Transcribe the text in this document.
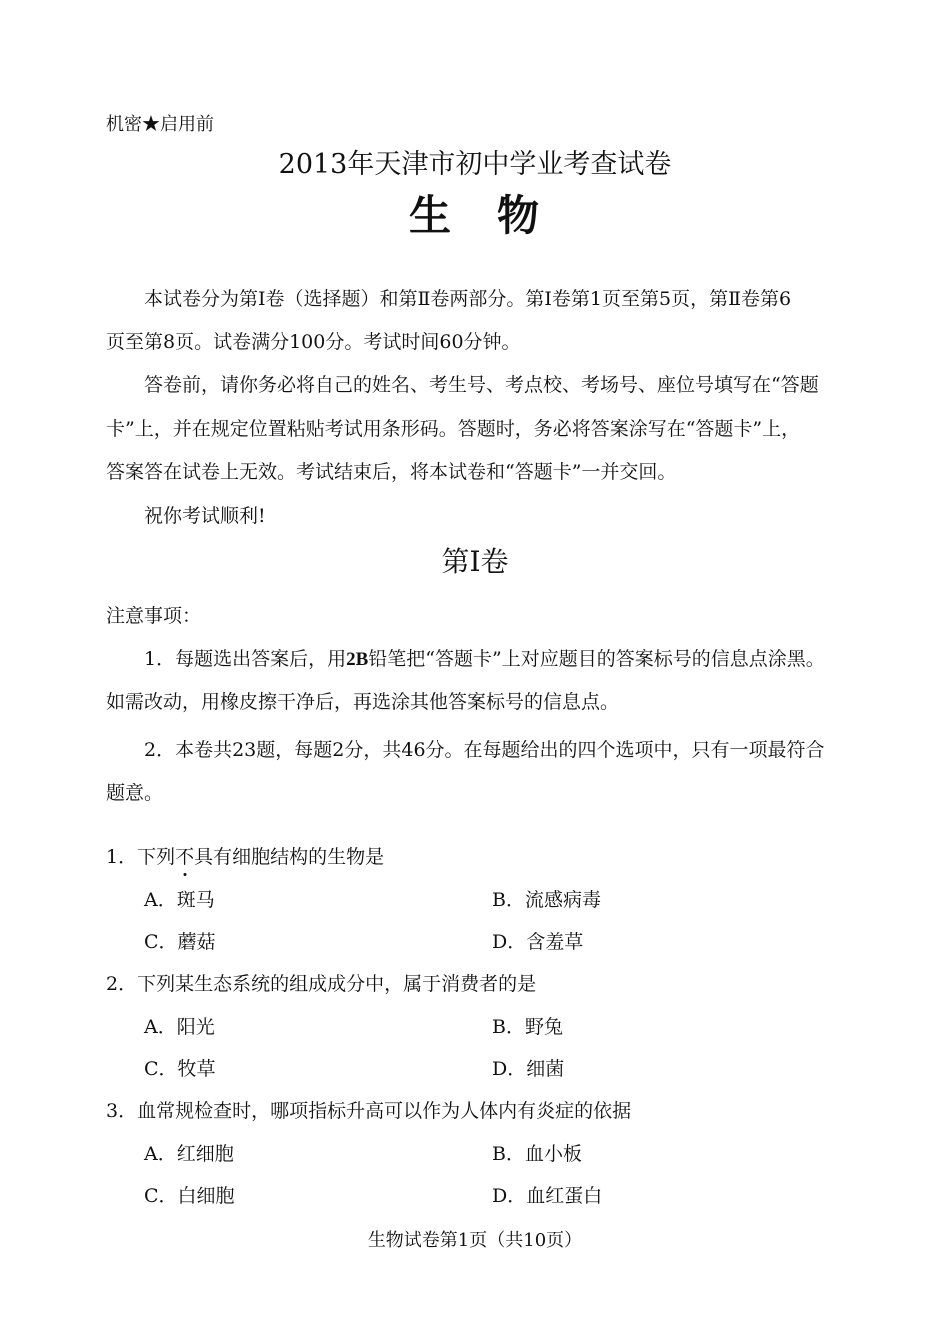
机密★启用前
2013年天津市初中学业考查试卷
生 物
本试卷分为第Ⅰ卷（选择题）和第Ⅱ卷两部分。第Ⅰ卷第1页至第5页，第Ⅱ卷第6
页至第8页。试卷满分100分。考试时间60分钟。
答卷前，请你务必将自己的姓名、考生号、考点校、考场号、座位号填写在“答题
卡”上，并在规定位置粘贴考试用条形码。答题时，务必将答案涂写在“答题卡”上，
答案答在试卷上无效。考试结束后，将本试卷和“答题卡”一并交回。
祝你考试顺利!
第Ⅰ卷
注意事项：
1．每题选出答案后，用2B铅笔把“答题卡”上对应题目的答案标号的信息点涂黑。
如需改动，用橡皮擦干净后，再选涂其他答案标号的信息点。
2．本卷共23题，每题2分，共46分。在每题给出的四个选项中，只有一项最符合
题意。
1．下列不具有细胞结构的生物是
A．斑马	B．流感病毒
C．蘑菇	D．含羞草
2．下列某生态系统的组成成分中，属于消费者的是
A．阳光	B．野兔
C．牧草	D．细菌
3．血常规检查时，哪项指标升高可以作为人体内有炎症的依据
A．红细胞	B．血小板
C．白细胞	D．血红蛋白
生物试卷第1页（共10页）
